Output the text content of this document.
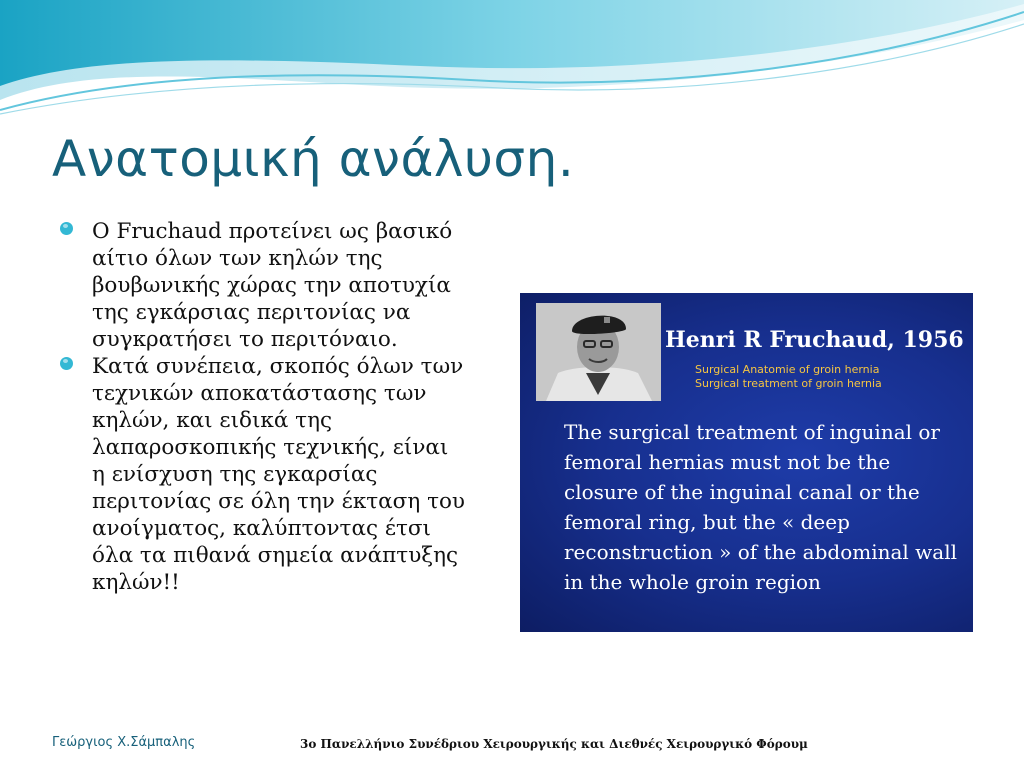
Ανατομική ανάλυση.
Ο Fruchaud προτείνει ως βασικό
αίτιο όλων των κηλών της
βουβωνικής χώρας την αποτυχία
της εγκάρσιας περιτονίας να
συγκρατήσει το περιτόναιο.
Κατά συνέπεια, σκοπός όλων των
τεχνικών αποκατάστασης των
κηλών, και ειδικά της
λαπαροσκοπικής τεχνικής, είναι
η ενίσχυση της εγκαρσίας
περιτονίας σε όλη την έκταση του
ανοίγματος, καλύπτοντας έτσι
όλα τα πιθανά σημεία ανάπτυξης
κηλών!!
Henri R Fruchaud, 1956
Surgical Anatomie of groin hernia
Surgical treatment of groin hernia
The surgical treatment of inguinal or
femoral hernias must not be the
closure of the inguinal canal or the
femoral ring, but the « deep
reconstruction » of the abdominal wall
in the whole groin region
Γεώργιος Χ.Σάμπαλης	3ο Πανελλήνιο Συνέδριου Χειρουργικής και Διεθνές Χειρουργικό Φόρουμ
